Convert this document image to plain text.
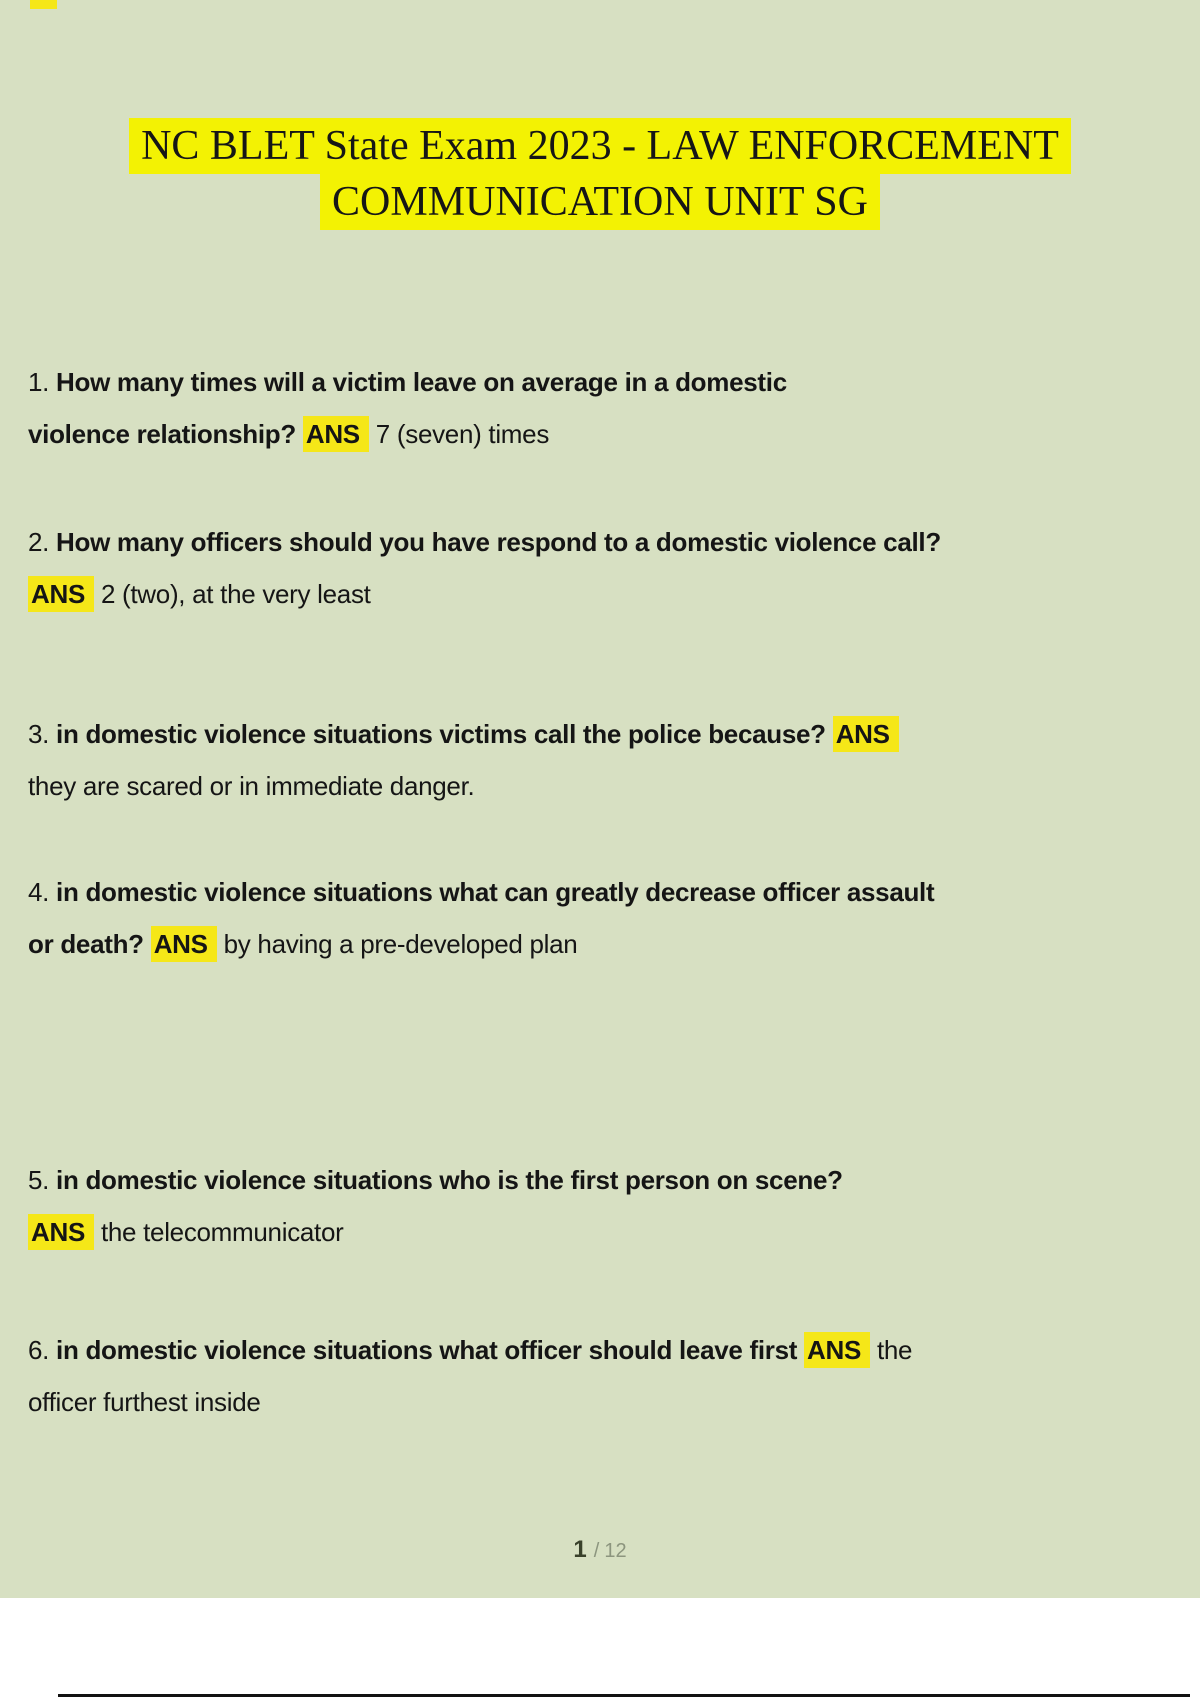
NC BLET State Exam 2023 - LAW ENFORCEMENT
COMMUNICATION UNIT SG
1. How many times will a victim leave on average in a domestic
violence relationship? ANS 7 (seven) times
2. How many officers should you have respond to a domestic violence call?
ANS 2 (two), at the very least
3. in domestic violence situations victims call the police because? ANS
they are scared or in immediate danger.
4. in domestic violence situations what can greatly decrease officer assault
or death? ANS by having a pre-developed plan
5. in domestic violence situations who is the first person on scene?
ANS the telecommunicator
6. in domestic violence situations what officer should leave first ANS the
officer furthest inside
1 / 12
